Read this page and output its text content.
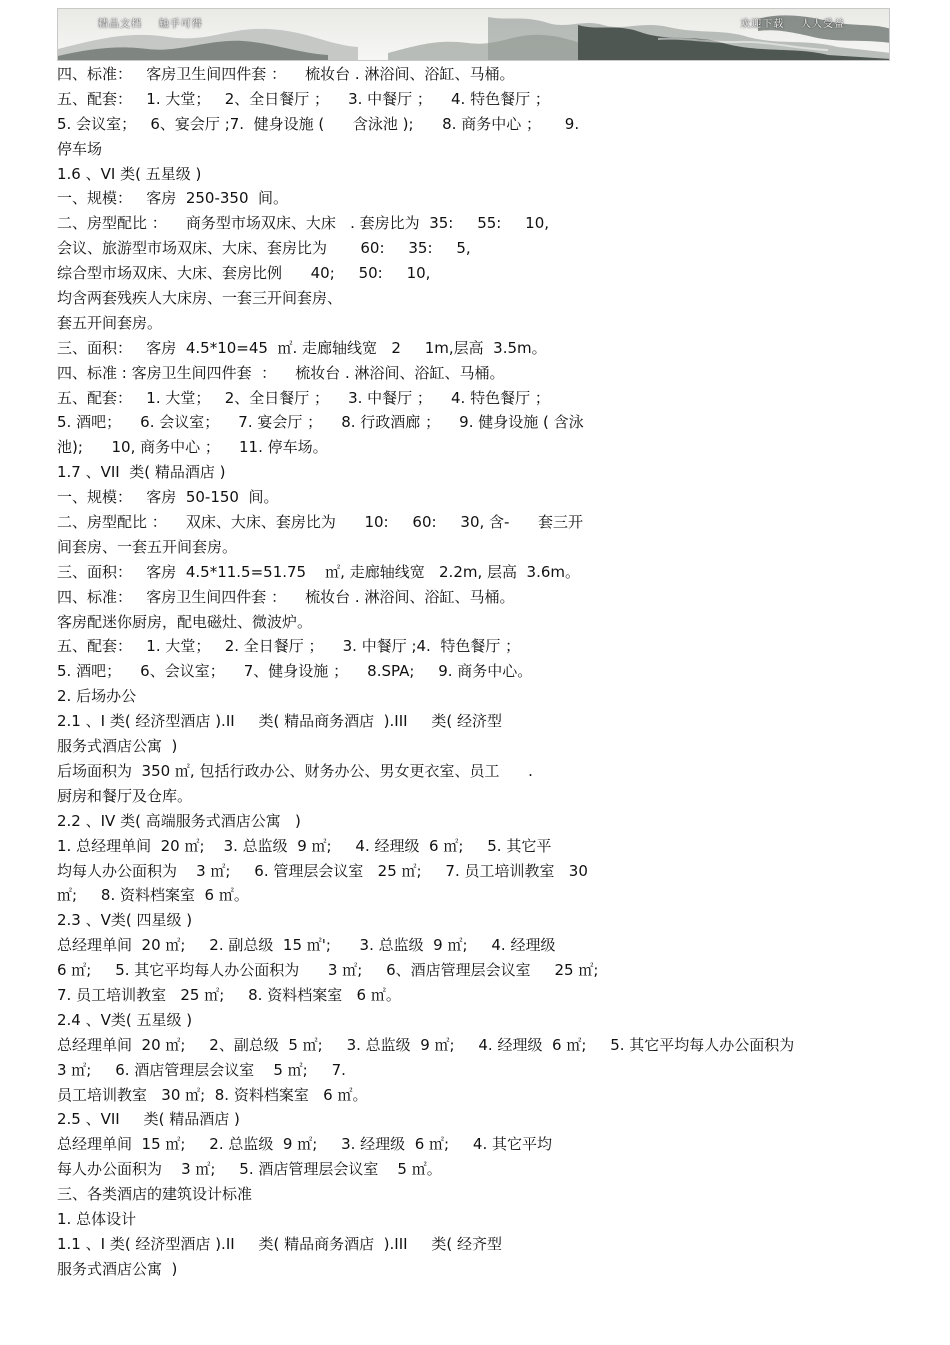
精品文档    触手可得	欢迎下载    人人受益
四、标准：   客房卫生间四件套 ：    梳妆台 . 淋浴间、浴缸、马桶。
五、配套：   1. 大堂；   2、全日餐厅 ；    3. 中餐厅 ；    4. 特色餐厅 ；
5. 会议室；   6、宴会厅 ;7.  健身设施 (      含泳池 );      8. 商务中心 ；     9.
停车场
1.6 、VI 类( 五星级 )
一、规模：   客房  250-350  间。
二、房型配比 ：    商务型市场双床、大床   . 套房比为  35:     55:     10,
会议、旅游型市场双床、大床、套房比为       60:     35:     5,
综合型市场双床、大床、套房比例      40;     50:     10,
均含两套残疾人大床房、一套三开间套房、
套五开间套房。
三、面积：   客房  4.5*10=45  ㎡. 走廊轴线宽   2     1m,层高  3.5m。
四、标准 : 客房卫生间四件套  ：    梳妆台 . 淋浴间、浴缸、马桶。
五、配套：   1. 大堂；   2、全日餐厅 ；    3. 中餐厅 ；    4. 特色餐厅 ；
5. 酒吧；    6. 会议室；    7. 宴会厅 ；    8. 行政酒廊 ；    9. 健身设施 ( 含泳
池);      10, 商务中心 ；    11. 停车场。
1.7 、VII  类( 精品酒店 )
一、规模：   客房  50-150  间。
二、房型配比 ：    双床、大床、套房比为      10:     60:     30, 含-      套三开
间套房、一套五开间套房。
三、面积：   客房  4.5*11.5=51.75    ㎡, 走廊轴线宽   2.2m, 层高  3.6m。
四、标准：   客房卫生间四件套 ：    梳妆台 . 淋浴间、浴缸、马桶。
客房配迷你厨房，配电磁灶、微波炉。
五、配套：   1. 大堂；   2. 全日餐厅 ；    3. 中餐厅 ;4.  特色餐厅 ；
5. 酒吧；    6、会议室；    7、健身设施 ；    8.SPA;     9. 商务中心。
2. 后场办公
2.1 、I 类( 经济型酒店 ).II     类( 精品商务酒店  ).III     类( 经济型
服务式酒店公寓  )
后场面积为  350 ㎡, 包括行政办公、财务办公、男女更衣室、员工      .
厨房和餐厅及仓库。
2.2 、IV 类( 高端服务式酒店公寓   )
1. 总经理单间  20 ㎡;    3. 总监级  9 ㎡;     4. 经理级  6 ㎡;     5. 其它平
均每人办公面积为    3 ㎡;     6. 管理层会议室   25 ㎡;     7. 员工培训教室   30
㎡;     8. 资料档案室  6 ㎡。
2.3 、V类( 四星级 )
总经理单间  20 ㎡;     2. 副总级  15 ㎡';      3. 总监级  9 ㎡;     4. 经理级
6 ㎡;     5. 其它平均每人办公面积为      3 ㎡;     6、酒店管理层会议室     25 ㎡;
7. 员工培训教室   25 ㎡;     8. 资料档案室   6 ㎡。
2.4 、V类( 五星级 )
总经理单间  20 ㎡;     2、副总级  5 ㎡;     3. 总监级  9 ㎡;     4. 经理级  6 ㎡;     5. 其它平均每人办公面积为
3 ㎡;     6. 酒店管理层会议室    5 ㎡;     7.
员工培训教室   30 ㎡;  8. 资料档案室   6 ㎡。
2.5 、VII     类( 精品酒店 )
总经理单间  15 ㎡;     2. 总监级  9 ㎡;     3. 经理级  6 ㎡;     4. 其它平均
每人办公面积为    3 ㎡;     5. 酒店管理层会议室    5 ㎡。
三、各类酒店的建筑设计标准
1. 总体设计
1.1 、I 类( 经济型酒店 ).II     类( 精品商务酒店  ).III     类( 经齐型
服务式酒店公寓  )
